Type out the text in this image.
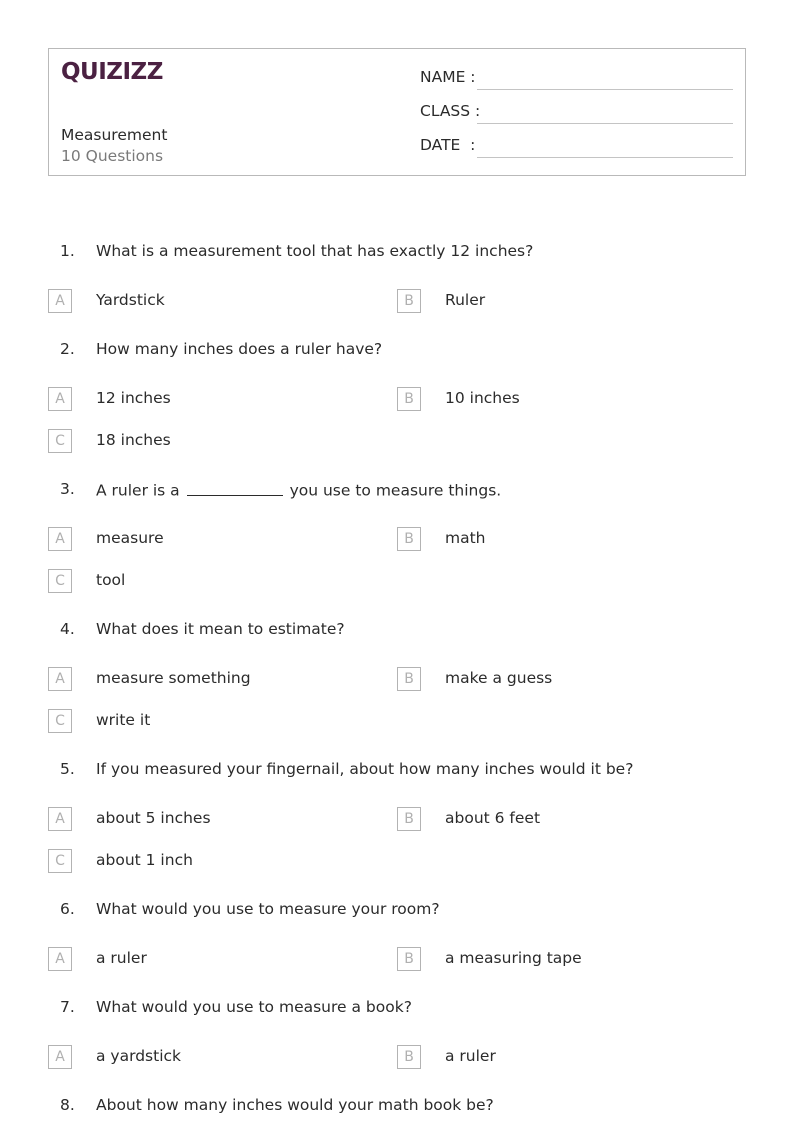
QUIZIZZ
Measurement
10 Questions
NAME :
CLASS :
DATE  :
1. What is a measurement tool that has exactly 12 inches?
A	Yardstick	B	Ruler
2. How many inches does a ruler have?
A	12 inches	B	10 inches
C	18 inches
3. A ruler is a	you use to measure things.
A	measure	B	math
C	tool
4. What does it mean to estimate?
A	measure something	B	make a guess
C	write it
5. If you measured your fingernail, about how many inches would it be?
A	about 5 inches	B	about 6 feet
C	about 1 inch
6. What would you use to measure your room?
A	a ruler	B	a measuring tape
7. What would you use to measure a book?
A	a yardstick	B	a ruler
8. About how many inches would your math book be?
